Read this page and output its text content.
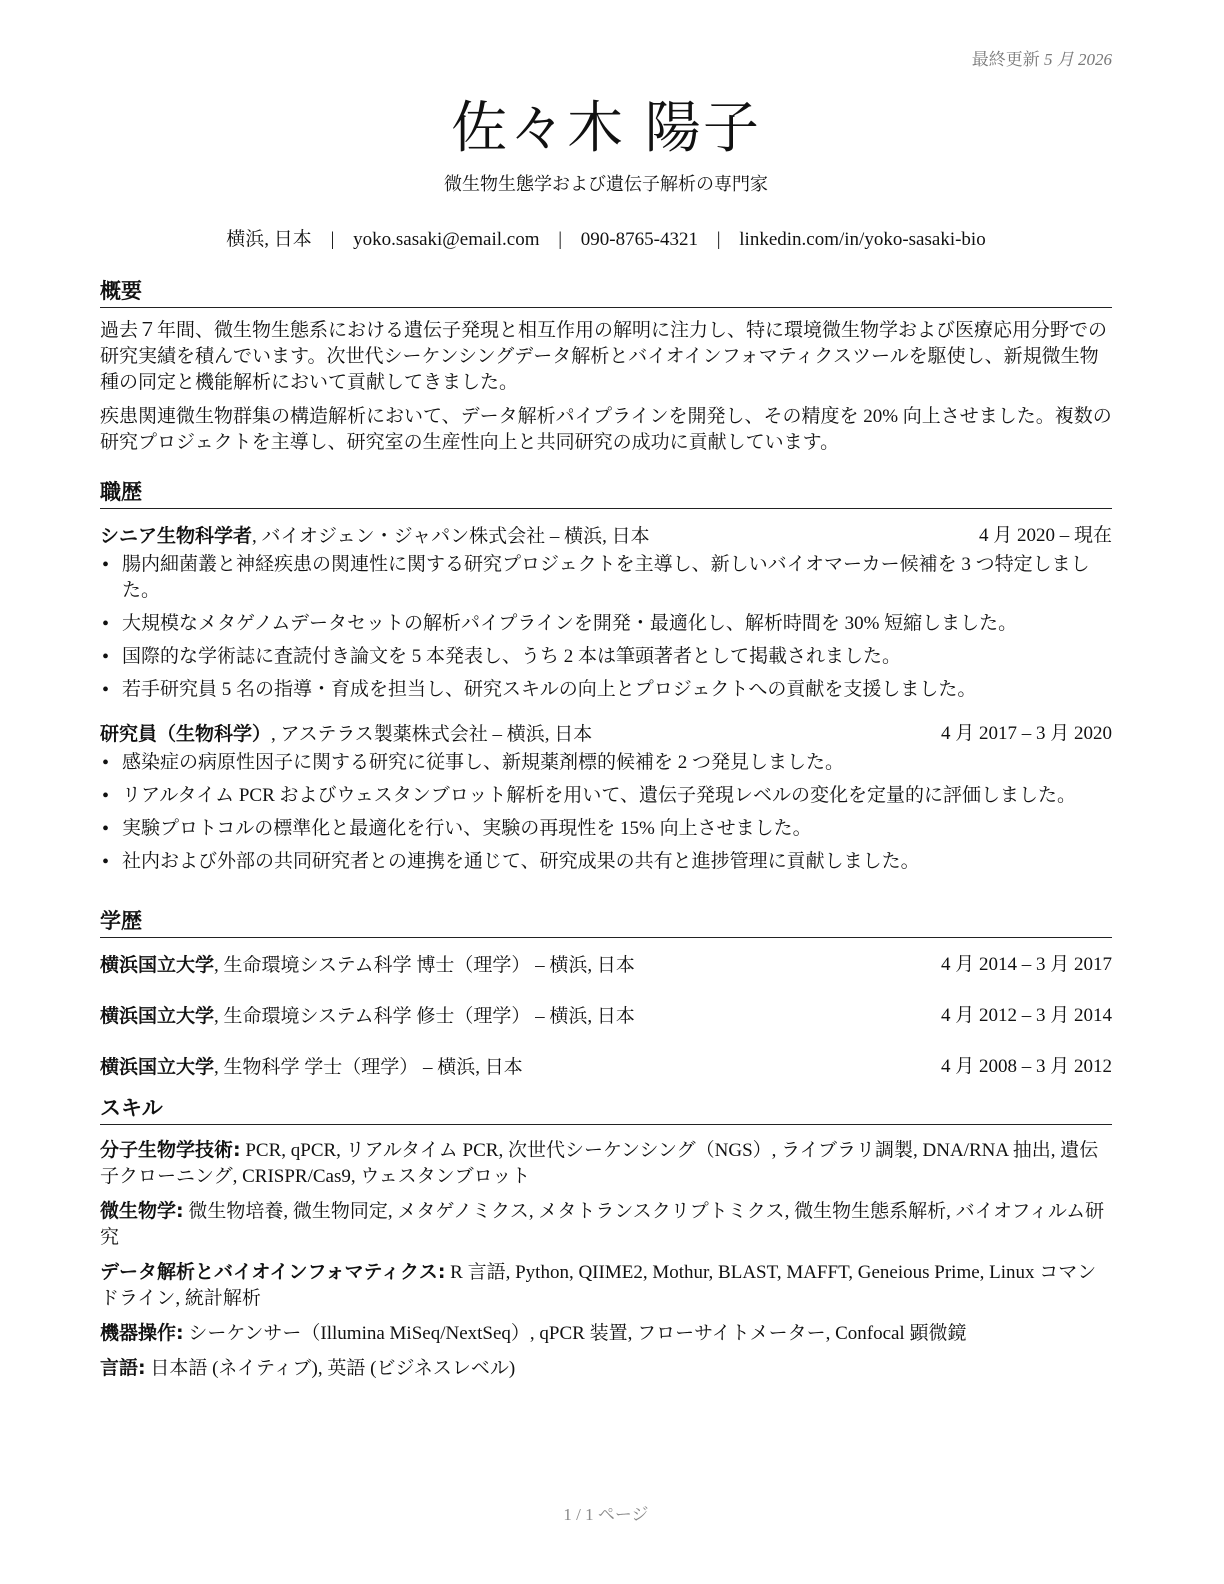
最終更新 5 月 2026
佐々木 陽子
微生物生態学および遺伝子解析の専門家
横浜, 日本 | yoko.sasaki@email.com | 090-8765-4321 | linkedin.com/in/yoko-sasaki-bio
概要
過去７年間、微生物生態系における遺伝子発現と相互作用の解明に注力し、特に環境微生物学および医療応用分野での研究実績を積んでいます。次世代シーケンシングデータ解析とバイオインフォマティクスツールを駆使し、新規微生物種の同定と機能解析において貢献してきました。
疾患関連微生物群集の構造解析において、データ解析パイプラインを開発し、その精度を 20% 向上させました。複数の研究プロジェクトを主導し、研究室の生産性向上と共同研究の成功に貢献しています。
職歴
シニア生物科学者, バイオジェン・ジャパン株式会社 – 横浜, 日本	4 月 2020 – 現在
• 腸内細菌叢と神経疾患の関連性に関する研究プロジェクトを主導し、新しいバイオマーカー候補を 3 つ特定しました。
• 大規模なメタゲノムデータセットの解析パイプラインを開発・最適化し、解析時間を 30% 短縮しました。
• 国際的な学術誌に査読付き論文を 5 本発表し、うち 2 本は筆頭著者として掲載されました。
• 若手研究員 5 名の指導・育成を担当し、研究スキルの向上とプロジェクトへの貢献を支援しました。
研究員（生物科学）, アステラス製薬株式会社 – 横浜, 日本	4 月 2017 – 3 月 2020
• 感染症の病原性因子に関する研究に従事し、新規薬剤標的候補を 2 つ発見しました。
• リアルタイム PCR およびウェスタンブロット解析を用いて、遺伝子発現レベルの変化を定量的に評価しました。
• 実験プロトコルの標準化と最適化を行い、実験の再現性を 15% 向上させました。
• 社内および外部の共同研究者との連携を通じて、研究成果の共有と進捗管理に貢献しました。
学歴
横浜国立大学, 生命環境システム科学 博士（理学） – 横浜, 日本	4 月 2014 – 3 月 2017
横浜国立大学, 生命環境システム科学 修士（理学） – 横浜, 日本	4 月 2012 – 3 月 2014
横浜国立大学, 生物科学 学士（理学） – 横浜, 日本	4 月 2008 – 3 月 2012
スキル
分子生物学技術: PCR, qPCR, リアルタイム PCR, 次世代シーケンシング（NGS）, ライブラリ調製, DNA/RNA 抽出, 遺伝子クローニング, CRISPR/Cas9, ウェスタンブロット
微生物学: 微生物培養, 微生物同定, メタゲノミクス, メタトランスクリプトミクス, 微生物生態系解析, バイオフィルム研究
データ解析とバイオインフォマティクス: R 言語, Python, QIIME2, Mothur, BLAST, MAFFT, Geneious Prime, Linux コマンドライン, 統計解析
機器操作: シーケンサー（Illumina MiSeq/NextSeq）, qPCR 装置, フローサイトメーター, Confocal 顕微鏡
言語: 日本語 (ネイティブ), 英語 (ビジネスレベル)
1 / 1 ページ
